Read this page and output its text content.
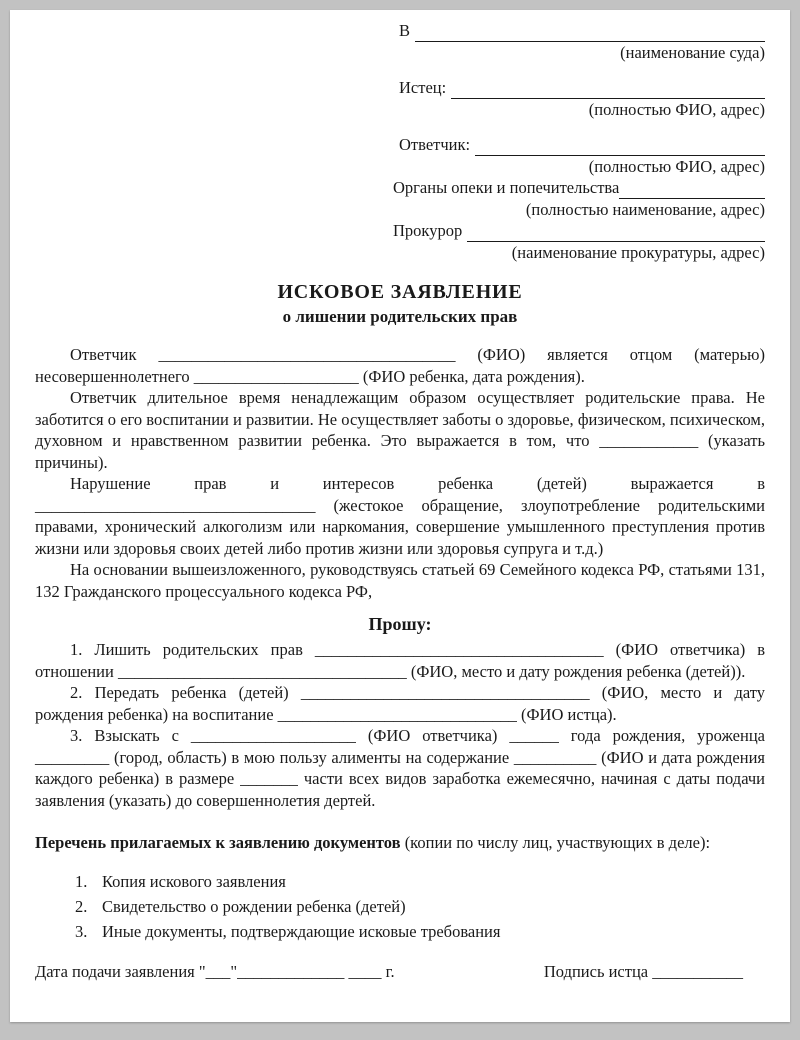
В
(наименование суда)
Истец:
(полностью ФИО, адрес)
Ответчик:
(полностью ФИО, адрес)
Органы опеки и попечительства
(полностью наименование, адрес)
Прокурор
(наименование прокуратуры, адрес)
ИСКОВОЕ ЗАЯВЛЕНИЕ
о лишении родительских прав

Ответчик ____________________________________ (ФИО) является отцом (матерью) несовершеннолетнего ____________________ (ФИО ребенка, дата рождения).

Ответчик длительное время ненадлежащим образом осуществляет родительские права. Не заботится о его воспитании и развитии. Не осуществляет заботы о здоровье, физическом, психическом, духовном и нравственном развитии ребенка. Это выражается в том, что ____________ (указать причины).

Нарушение прав и интересов ребенка (детей) выражается в __________________________________ (жестокое обращение, злоупотребление родительскими правами, хронический алкоголизм или наркомания, совершение умышленного преступления против жизни или здоровья своих детей либо против жизни или здоровья супруга и т.д.)

На основании вышеизложенного, руководствуясь статьей 69 Семейного кодекса РФ, статьями 131, 132 Гражданского процессуального кодекса РФ,

Прошу:

1. Лишить родительских прав ___________________________________ (ФИО ответчика) в отношении ___________________________________ (ФИО, место и дату рождения ребенка (детей)).

2. Передать ребенка (детей) ___________________________________ (ФИО, место и дату рождения ребенка) на воспитание _____________________________ (ФИО истца).

3. Взыскать с ____________________ (ФИО ответчика) ______ года рождения, уроженца _________ (город, область) в мою пользу алименты на содержание __________ (ФИО и дата рождения каждого ребенка) в размере _______ части всех видов заработка ежемесячно, начиная с даты подачи заявления (указать) до совершеннолетия дертей.

Перечень прилагаемых к заявлению документов (копии по числу лиц, участвующих в деле):
1. Копия искового заявления
2. Свидетельство о рождении ребенка (детей)
3. Иные документы, подтверждающие исковые требования
Дата подачи заявления "___"_____________ ____ г.	Подпись истца ___________
